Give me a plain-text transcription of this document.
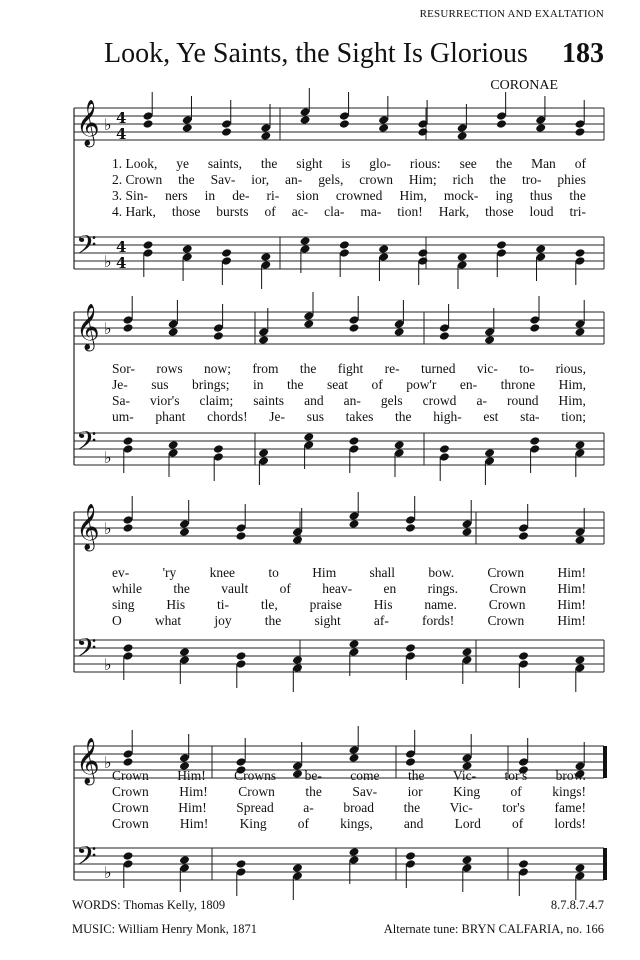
RESURRECTION AND EXALTATION
Look, Ye Saints, the Sight Is Glorious 183
CORONAE
𝄞
𝄢
♭
♭
4
4
4
4
𝄞
𝄢
♭
♭
𝄞
𝄢
♭
♭
𝄞
𝄢
♭
♭
1. Look, ye saints, the sight is glo- rious: see the Man of
2. Crown the Sav- ior, an- gels, crown Him; rich the tro- phies
3. Sin- ners in de- ri- sion crowned Him, mock- ing thus the
4. Hark, those bursts of ac- cla- ma- tion! Hark, those loud tri-
Sor- rows now; from the fight re- turned vic- to- rious,
Je- sus brings; in the seat of pow'r en- throne Him,
Sa- vior's claim; saints and an- gels crowd a- round Him,
um- phant chords! Je- sus takes the high- est sta- tion;
ev- 'ry knee to Him shall bow. Crown Him!
while the vault of heav- en rings. Crown Him!
sing His ti- tle, praise His name. Crown Him!
O what joy the sight af- fords! Crown Him!
Crown Him! Crowns be- come the Vic- tor's brow.
Crown Him! Crown the Sav- ior King of kings!
Crown Him! Spread a- broad the Vic- tor's fame!
Crown Him! King of kings, and Lord of lords!
WORDS: Thomas Kelly, 1809
MUSIC: William Henry Monk, 1871
8.7.8.7.4.7
Alternate tune: BRYN CALFARIA, no. 166
